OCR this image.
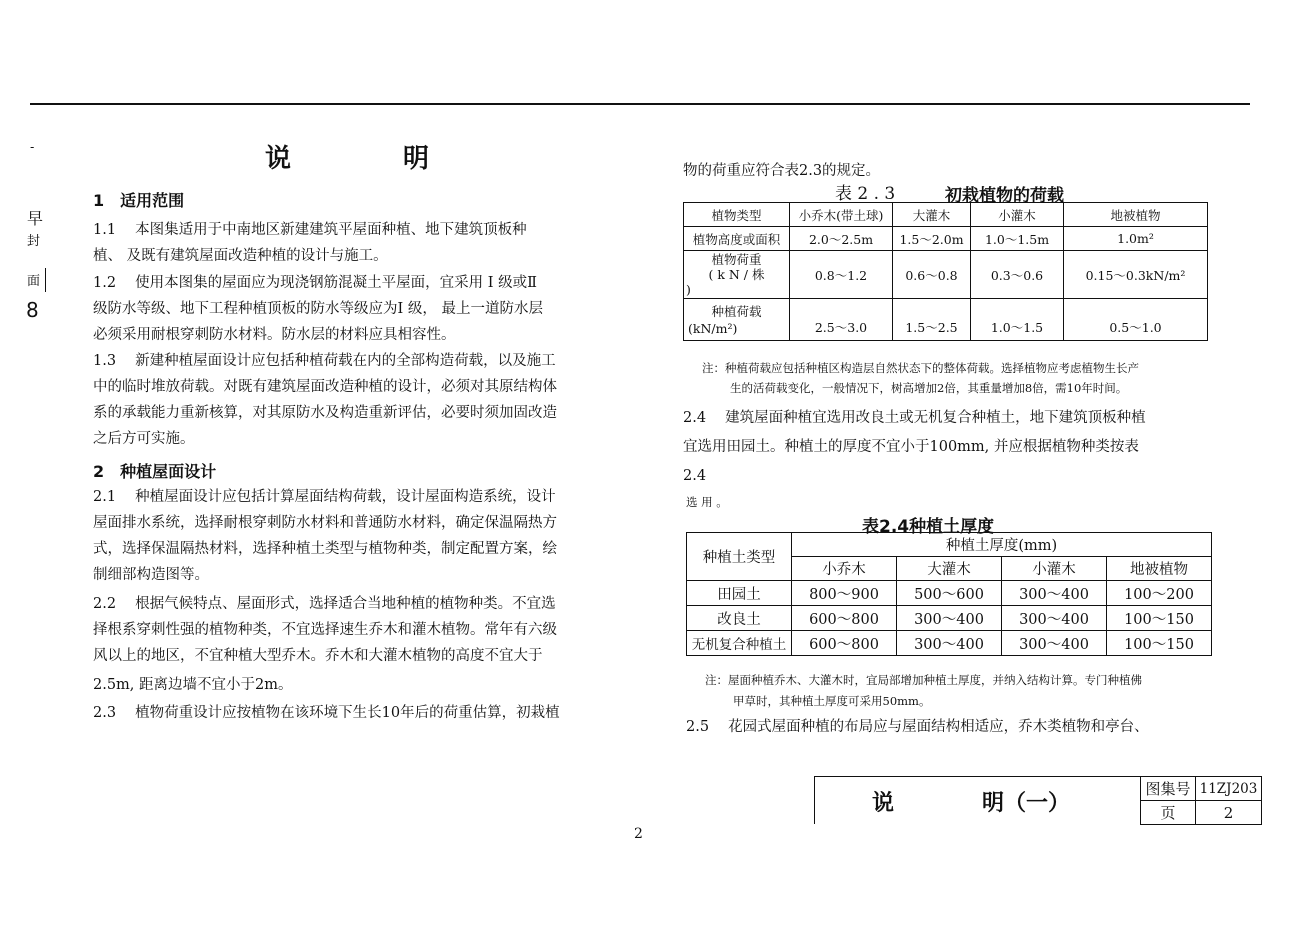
-
早
封
面
8
说	明
1　适用范围
1.1　 本图集适用于中南地区新建建筑平屋面种植、地下建筑顶板种
植、 及既有建筑屋面改造种植的设计与施工。
1.2　 使用本图集的屋面应为现浇钢筋混凝土平屋面，宜采用 Ⅰ 级或Ⅱ
级防水等级、地下工程种植顶板的防水等级应为Ⅰ 级， 最上一道防水层
必须采用耐根穿刺防水材料。防水层的材料应具相容性。
1.3　 新建种植屋面设计应包括种植荷载在内的全部构造荷载，以及施工
中的临时堆放荷载。对既有建筑屋面改造种植的设计，必须对其原结构体
系的承载能力重新核算，对其原防水及构造重新评估，必要时须加固改造
之后方可实施。
2　种植屋面设计
2.1　 种植屋面设计应包括计算屋面结构荷载，设计屋面构造系统，设计
屋面排水系统，选择耐根穿刺防水材料和普通防水材料，确定保温隔热方
式，选择保温隔热材料，选择种植土类型与植物种类，制定配置方案，绘
制细部构造图等。
2.2　 根据气候特点、屋面形式，选择适合当地种植的植物种类。不宜选
择根系穿刺性强的植物种类，不宜选择速生乔木和灌木植物。常年有六级
风以上的地区，不宜种植大型乔木。乔木和大灌木植物的高度不宜大于
2.5m, 距离边墙不宜小于2m。
2.3　 植物荷重设计应按植物在该环境下生长10年后的荷重估算，初栽植
物的荷重应符合表2.3的规定。
表 2 . 3	初栽植物的荷载
植物类型	小乔木(带土球)	大灌木	小灌木	地被植物
植物高度或面积	2.0～2.5m	1.5～2.0m	1.0～1.5m	1.0m²

植物荷重
( k N / 株
)	0.8～1.2	0.6～0.8	0.3～0.6	0.15～0.3kN/m²

种植荷载
(kN/m²)	2.5～3.0	1.5～2.5	1.0～1.5	0.5～1.0
注：种植荷载应包括种植区构造层自然状态下的整体荷载。选择植物应考虑植物生长产
生的活荷载变化，一般情况下，树高增加2倍，其重量增加8倍，需10年时间。
2.4　 建筑屋面种植宜选用改良土或无机复合种植土，地下建筑顶板种植
宜选用田园土。种植土的厚度不宜小于100mm, 并应根据植物种类按表
2.4
选 用 。
表2.4种植土厚度
种植土类型	种植土厚度(mm)			
	小乔木	大灌木	小灌木	地被植物
田园土	800～900	500～600	300～400	100～200
改良土	600～800	300～400	300～400	100～150
无机复合种植土	600～800	300～400	300～400	100～150
注：屋面种植乔木、大灌木时，宜局部增加种植土厚度，并纳入结构计算。专门种植佛
甲草时，其种植土厚度可采用50mm。
2.5　 花园式屋面种植的布局应与屋面结构相适应，乔木类植物和亭台、
说　　　　明（一）
图集号	11ZJ203
页	2
2
